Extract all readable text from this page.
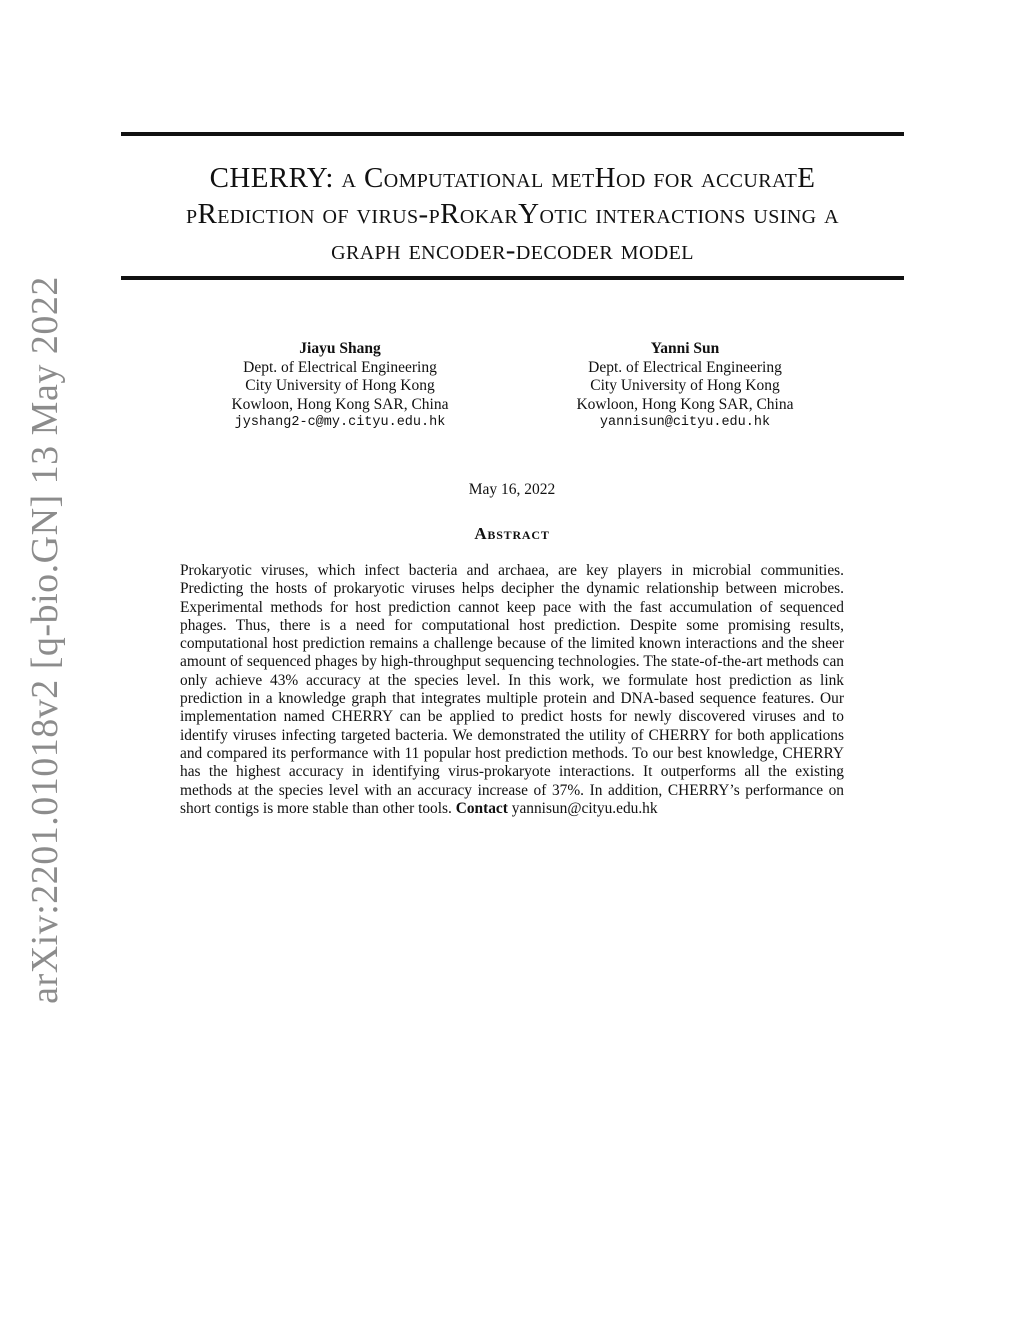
arXiv:2201.01018v2 [q-bio.GN] 13 May 2022
CHERRY: a Computational metHod for accuratE
pRediction of virus-pRokarYotic interactions using a
graph encoder-decoder model
Jiayu Shang
Dept. of Electrical Engineering
City University of Hong Kong
Kowloon, Hong Kong SAR, China
jyshang2-c@my.cityu.edu.hk
Yanni Sun
Dept. of Electrical Engineering
City University of Hong Kong
Kowloon, Hong Kong SAR, China
yannisun@cityu.edu.hk
May 16, 2022
Abstract

Prokaryotic viruses, which infect bacteria and archaea, are key players in microbial communities. Predicting the hosts of prokaryotic viruses helps decipher the dynamic relationship between microbes. Experimental methods for host prediction cannot keep pace with the fast accumulation of sequenced phages. Thus, there is a need for computational host prediction. Despite some promising results, computational host prediction remains a challenge because of the limited known interactions and the sheer amount of sequenced phages by high-throughput sequencing technologies. The state-of-the-art methods can only achieve 43% accuracy at the species level. In this work, we formulate host prediction as link prediction in a knowledge graph that integrates multiple protein and DNA-based sequence features. Our implementation named CHERRY can be applied to predict hosts for newly discovered viruses and to identify viruses infecting targeted bacteria. We demonstrated the utility of CHERRY for both applications and compared its performance with 11 popular host prediction methods. To our best knowledge, CHERRY has the highest accuracy in identifying virus-prokaryote interactions. It outperforms all the existing methods at the species level with an accuracy increase of 37%. In addition, CHERRY’s performance on short contigs is more stable than other tools. Contact yannisun@cityu.edu.hk
